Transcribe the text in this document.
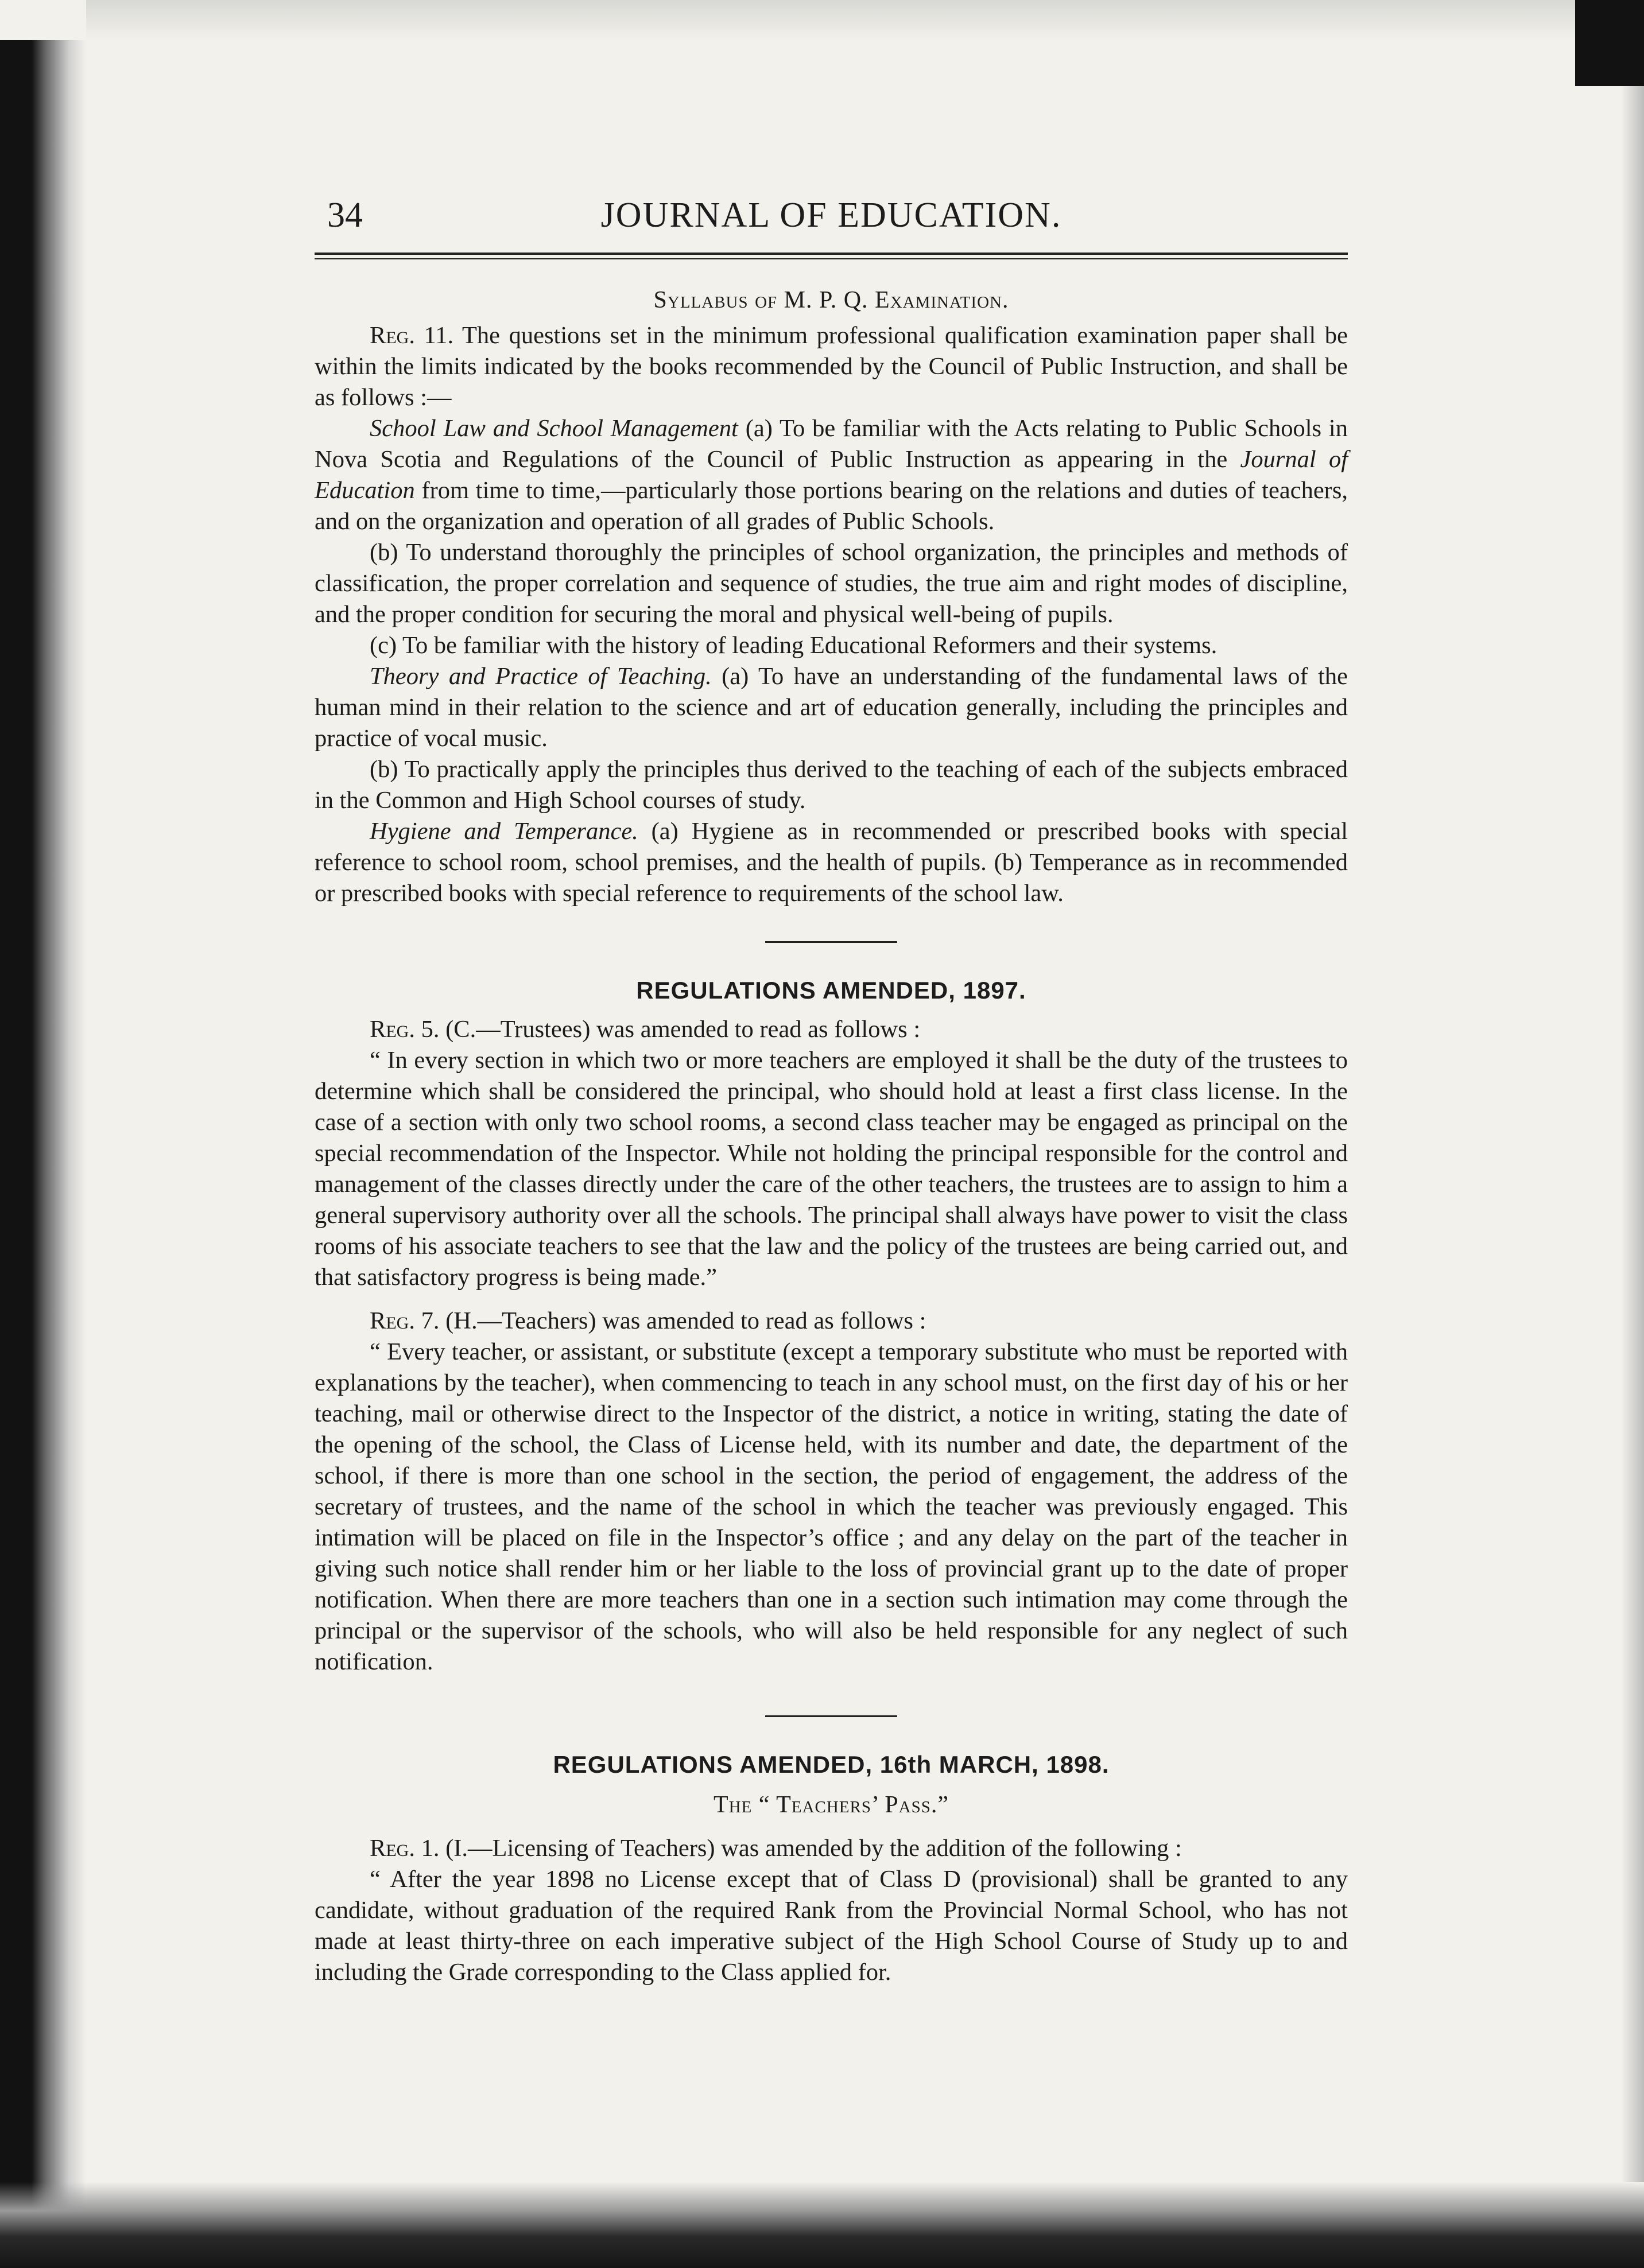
34	JOURNAL OF EDUCATION.
Syllabus of M. P. Q. Examination.

Reg. 11. The questions set in the minimum professional qualification examination paper shall be within the limits indicated by the books recommended by the Council of Public Instruction, and shall be as follows :—

School Law and School Management (a) To be familiar with the Acts relating to Public Schools in Nova Scotia and Regulations of the Council of Public Instruction as appearing in the Journal of Education from time to time,—particularly those portions bearing on the relations and duties of teachers, and on the organization and operation of all grades of Public Schools.

(b) To understand thoroughly the principles of school organization, the principles and methods of classification, the proper correlation and sequence of studies, the true aim and right modes of discipline, and the proper condition for securing the moral and physical well-being of pupils.

(c) To be familiar with the history of leading Educational Reformers and their systems.

Theory and Practice of Teaching. (a) To have an understanding of the fundamental laws of the human mind in their relation to the science and art of education generally, including the principles and practice of vocal music.

(b) To practically apply the principles thus derived to the teaching of each of the subjects embraced in the Common and High School courses of study.

Hygiene and Temperance. (a) Hygiene as in recommended or prescribed books with special reference to school room, school premises, and the health of pupils. (b) Temperance as in recommended or prescribed books with special reference to requirements of the school law.

REGULATIONS AMENDED, 1897.

Reg. 5. (C.—Trustees) was amended to read as follows :

“ In every section in which two or more teachers are employed it shall be the duty of the trustees to determine which shall be considered the principal, who should hold at least a first class license. In the case of a section with only two school rooms, a second class teacher may be engaged as principal on the special recommendation of the Inspector. While not holding the principal responsible for the control and management of the classes directly under the care of the other teachers, the trustees are to assign to him a general supervisory authority over all the schools. The principal shall always have power to visit the class rooms of his associate teachers to see that the law and the policy of the trustees are being carried out, and that satisfactory progress is being made.”

Reg. 7. (H.—Teachers) was amended to read as follows :

“ Every teacher, or assistant, or substitute (except a temporary substitute who must be reported with explanations by the teacher), when commencing to teach in any school must, on the first day of his or her teaching, mail or otherwise direct to the Inspector of the district, a notice in writing, stating the date of the opening of the school, the Class of License held, with its number and date, the department of the school, if there is more than one school in the section, the period of engagement, the address of the secretary of trustees, and the name of the school in which the teacher was previously engaged. This intimation will be placed on file in the Inspector’s office ; and any delay on the part of the teacher in giving such notice shall render him or her liable to the loss of provincial grant up to the date of proper notification. When there are more teachers than one in a section such intimation may come through the principal or the supervisor of the schools, who will also be held responsible for any neglect of such notification.

REGULATIONS AMENDED, 16th MARCH, 1898.
The “ Teachers’ Pass.”

Reg. 1. (I.—Licensing of Teachers) was amended by the addition of the following :

“ After the year 1898 no License except that of Class D (provisional) shall be granted to any candidate, without graduation of the required Rank from the Provincial Normal School, who has not made at least thirty-three on each imperative subject of the High School Course of Study up to and including the Grade corresponding to the Class applied for.
